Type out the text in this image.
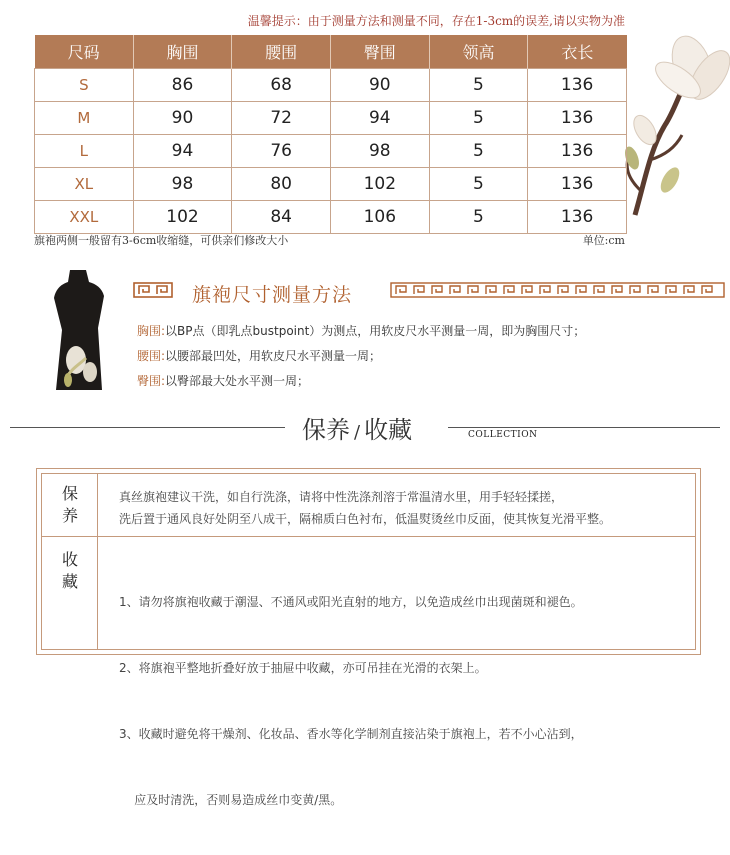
温馨提示：由于测量方法和测量不同，存在1-3cm的误差,请以实物为准
尺码	胸围	腰围	臀围	领高	衣长
S	86	68	90	5	136
M	90	72	94	5	136
L	94	76	98	5	136
XL	98	80	102	5	136
XXL	102	84	106	5	136
旗袍两侧一般留有3-6cm收缩缝，可供亲们修改大小	单位:cm
旗袍尺寸测量方法
胸围:以BP点（即乳点bustpoint）为测点，用软皮尺水平测量一周，即为胸围尺寸；
腰围:以腰部最凹处，用软皮尺水平测量一周；
臀围:以臀部最大处水平测一周；
保养 / 收藏	COLLECTION
保
养
真丝旗袍建议干洗，如自行洗涤，请将中性洗涤剂溶于常温清水里，用手轻轻揉搓，
洗后置于通风良好处阴至八成干，隔棉质白色衬布，低温熨烫丝巾反面，使其恢复光滑平整。
收
藏

1、请勿将旗袍收藏于潮湿、不通风或阳光直射的地方，以免造成丝巾出现菌斑和褪色。

2、将旗袍平整地折叠好放于抽屉中收藏，亦可吊挂在光滑的衣架上。

3、收藏时避免将干燥剂、化妆品、香水等化学制剂直接沾染于旗袍上，若不小心沾到，

应及时清洗，否则易造成丝巾变黄/黑。
